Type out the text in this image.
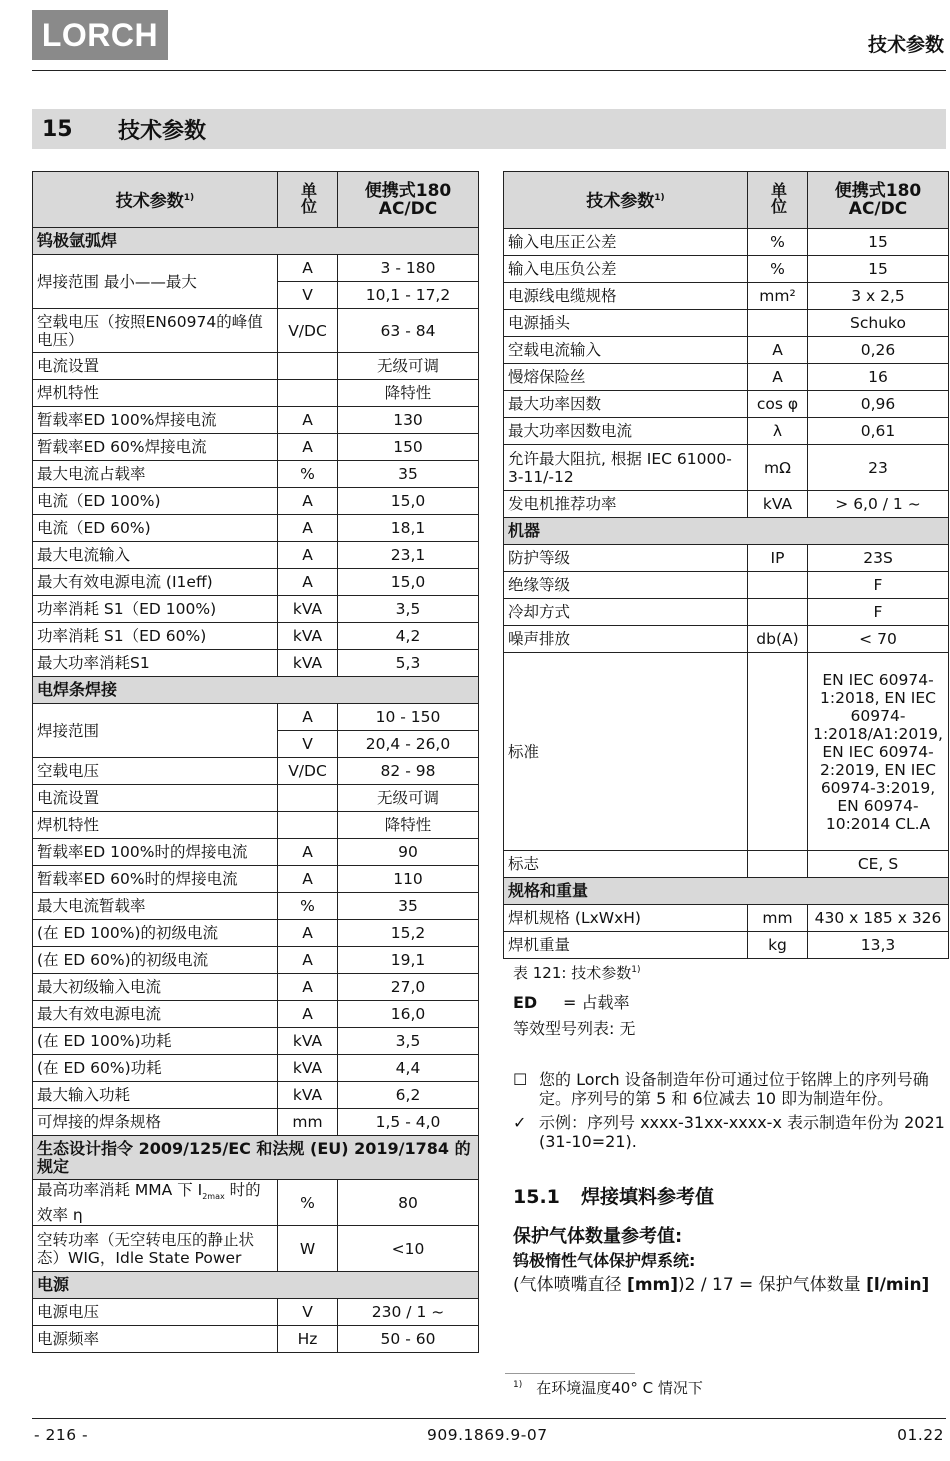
LORCH	技术参数
15	技术参数
技术参数$^{1)}$	单位	便携式180
AC/DC

钨极氩弧焊		
焊接范围 最小——最大	A	3 - 180
	V	10,1 - 17,2
空载电压（按照EN60974的峰值电压）	V/DC	63 - 84
电流设置		无级可调
焊机特性		降特性
暂载率ED 100%焊接电流	A	130
暂载率ED 60%焊接电流	A	150
最大电流占载率	%	35
电流（ED 100%)	A	15,0
电流（ED 60%)	A	18,1
最大电流输入	A	23,1
最大有效电源电流 (I1eff)	A	15,0
功率消耗 S1（ED 100%)	kVA	3,5
功率消耗 S1（ED 60%)	kVA	4,2
最大功率消耗S1	kVA	5,3
电焊条焊接		
焊接范围	A	10 - 150
	V	20,4 - 26,0
空载电压	V/DC	82 - 98
电流设置		无级可调
焊机特性		降特性
暂载率ED 100%时的焊接电流	A	90
暂载率ED 60%时的焊接电流	A	110
最大电流暂载率	%	35
(在 ED 100%)的初级电流	A	15,2
(在 ED 60%)的初级电流	A	19,1
最大初级输入电流	A	27,0
最大有效电源电流	A	16,0
(在 ED 100%)功耗	kVA	3,5
(在 ED 60%)功耗	kVA	4,4
最大输入功耗	kVA	6,2
可焊接的焊条规格	mm	1,5 - 4,0
生态设计指令 2009/125/EC 和法规 (EU) 2019/1784 的规定		
最高功率消耗 MMA 下 $I_{2max}$ 时的效率 η	%	80
空转功率（无空转电压的静止状态）WIG，Idle State Power	W	<10
电源		
电源电压	V	230 / 1 ~
电源频率	Hz	50 - 60
技术参数$^{1)}$	单位	便携式180
AC/DC

输入电压正公差	%	15
输入电压负公差	%	15
电源线电缆规格	mm²	3 x 2,5
电源插头		Schuko
空载电流输入	A	0,26
慢熔保险丝	A	16
最大功率因数	cos φ	0,96
最大功率因数电流	λ	0,61
允许最大阻抗, 根据 IEC 61000-3-11/-12	mΩ	23
发电机推荐功率	kVA	> 6,0 / 1 ~
机器		
防护等级	IP	23S
绝缘等级		F
冷却方式		F
噪声排放	db(A)	< 70
标准		EN IEC 60974-1:2018, EN IEC 60974-1:2018/A1:2019, EN IEC 60974-2:2019, EN IEC 60974-3:2019, EN 60974-10:2014 CL.A
标志		CE, S
规格和重量		
焊机规格 (LxWxH)	mm	430 x 185 x 326
焊机重量	kg	13,3
表 121: 技术参数$^{1)}$
ED = 占载率
等效型号列表: 无
☐ 您的 Lorch 设备制造年份可通过位于铭牌上的序列号确 定。序列号的第 5 和 6位减去 10 即为制造年份。
✓ 示例：序列号 xxxx-31xx-xxxx-x 表示制造年份为 2021 (31-10=21).
15.1 焊接填料参考值
保护气体数量参考值:
钨极惰性气体保护焊系统:
(气体喷嘴直径 [mm])2 / 17 = 保护气体数量 [l/min]
$^{1)}$ 在环境温度40° C 情况下
- 216 -	909.1869.9-07	01.22
